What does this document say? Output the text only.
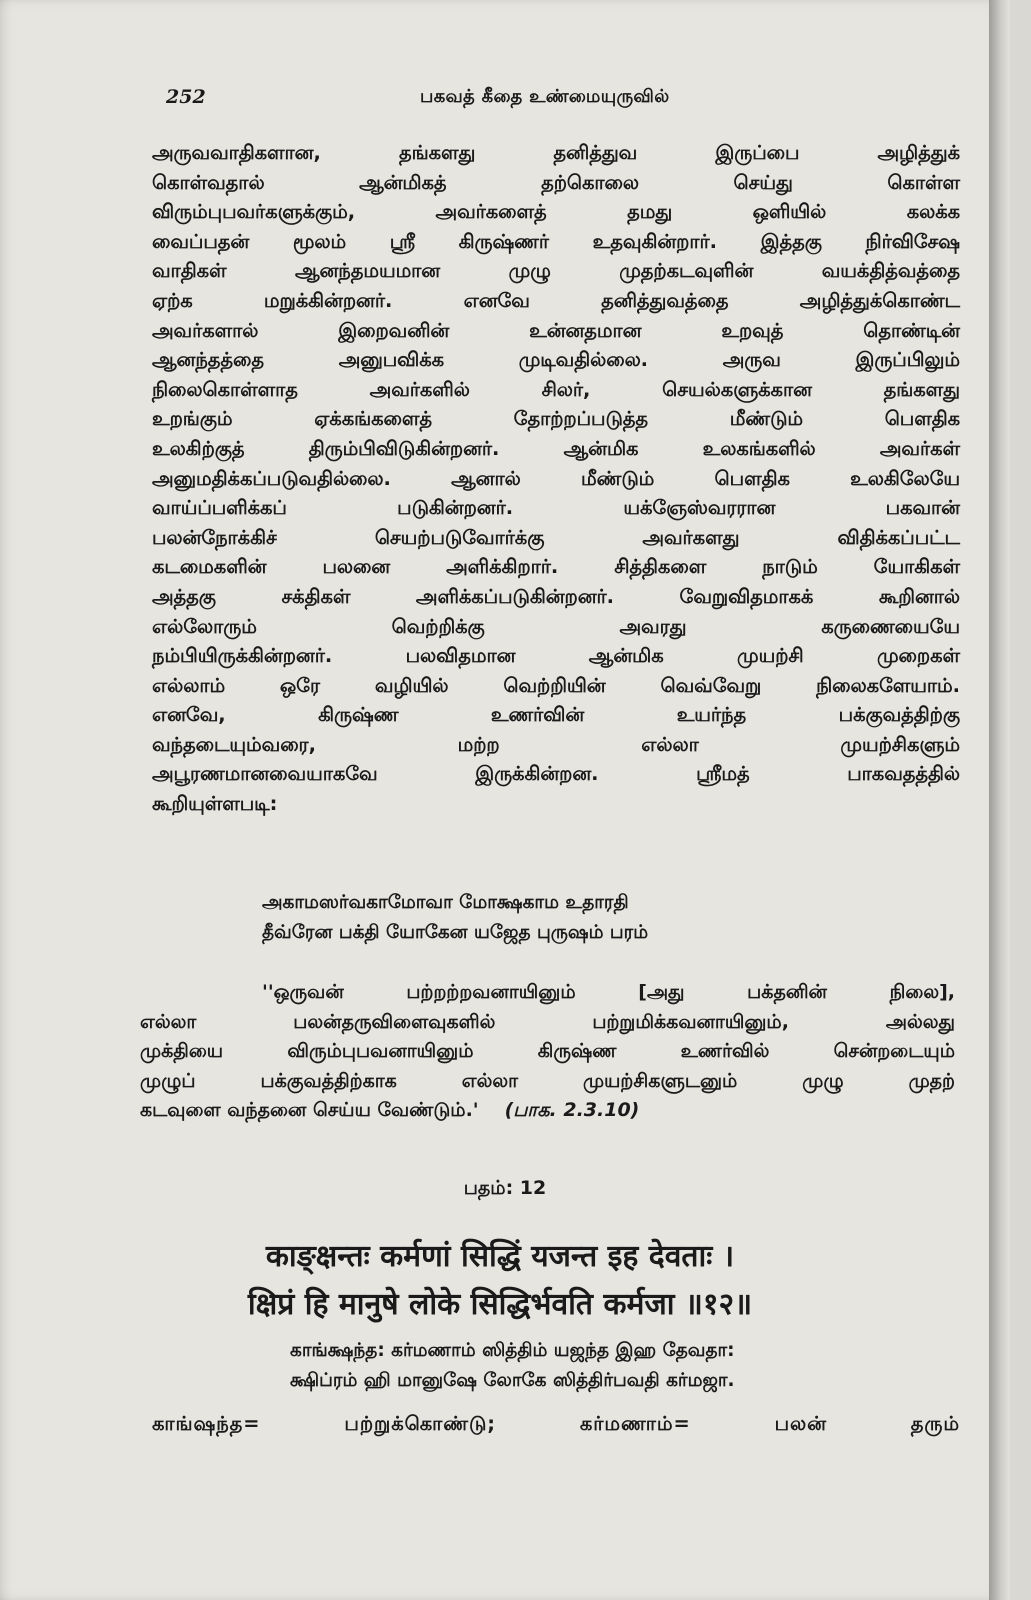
252	பகவத் கீதை உண்மையுருவில்
அருவவாதிகளான, தங்களது தனித்துவ இருப்பை அழித்துக்
கொள்வதால் ஆன்மிகத் தற்கொலை செய்து கொள்ள
விரும்புபவர்களுக்கும், அவர்களைத் தமது ஒளியில் கலக்க
வைப்பதன் மூலம் ஸ்ரீ கிருஷ்ணர் உதவுகின்றார். இத்தகு நிர்விசேஷ
வாதிகள் ஆனந்தமயமான முழு முதற்கடவுளின் வயக்தித்வத்தை
ஏற்க மறுக்கின்றனர். எனவே தனித்துவத்தை அழித்துக்கொண்ட
அவர்களால் இறைவனின் உன்னதமான உறவுத் தொண்டின்
ஆனந்தத்தை அனுபவிக்க முடிவதில்லை. அருவ இருப்பிலும்
நிலைகொள்ளாத அவர்களில் சிலர், செயல்களுக்கான தங்களது
உறங்கும் ஏக்கங்களைத் தோற்றப்படுத்த மீண்டும் பௌதிக
உலகிற்குத் திரும்பிவிடுகின்றனர். ஆன்மிக உலகங்களில் அவர்கள்
அனுமதிக்கப்படுவதில்லை. ஆனால் மீண்டும் பௌதிக உலகிலேயே
வாய்ப்பளிக்கப் படுகின்றனர். யக்ஞேஸ்வரரான பகவான்
பலன்நோக்கிச் செயற்படுவோர்க்கு அவர்களது விதிக்கப்பட்ட
கடமைகளின் பலனை அளிக்கிறார். சித்திகளை நாடும் யோகிகள்
அத்தகு சக்திகள் அளிக்கப்படுகின்றனர். வேறுவிதமாகக் கூறினால்
எல்லோரும் வெற்றிக்கு அவரது கருணையையே
நம்பியிருக்கின்றனர். பலவிதமான ஆன்மிக முயற்சி முறைகள்
எல்லாம் ஒரே வழியில் வெற்றியின் வெவ்வேறு நிலைகளேயாம்.
எனவே, கிருஷ்ண உணர்வின் உயர்ந்த பக்குவத்திற்கு
வந்தடையும்வரை, மற்ற எல்லா முயற்சிகளும்
அபூரணமானவையாகவே இருக்கின்றன. ஸ்ரீமத் பாகவதத்தில்
கூறியுள்ளபடி:
அகாமஸர்வகாமோவா மோக்ஷகாம உதாரதி
தீவ்ரேன பக்தி யோகேன யஜேத புருஷம் பரம்
''ஒருவன் பற்றற்றவனாயினும் [அது பக்தனின் நிலை],
எல்லா பலன்தருவிளைவுகளில் பற்றுமிக்கவனாயினும், அல்லது
முக்தியை விரும்புபவனாயினும் கிருஷ்ண உணர்வில் சென்றடையும்
முழுப் பக்குவத்திற்காக எல்லா முயற்சிகளுடனும் முழு முதற்
கடவுளை வந்தனை செய்ய வேண்டும்.' (பாக. 2.3.10)
பதம்: 12
काङ्क्षन्तः कर्मणां सिद्धिं यजन्त इह देवताः ।
क्षिप्रं हि मानुषे लोके सिद्धिर्भवति कर्मजा ॥१२॥
காங்க்ஷந்த: கர்மணாம் ஸித்திம் யஜந்த இஹ தேவதா:
க்ஷிப்ரம் ஹி மானுஷே லோகே ஸித்திர்பவதி கர்மஜா.
காங்ஷந்த= பற்றுக்கொண்டு; கர்மணாம்= பலன் தரும்
